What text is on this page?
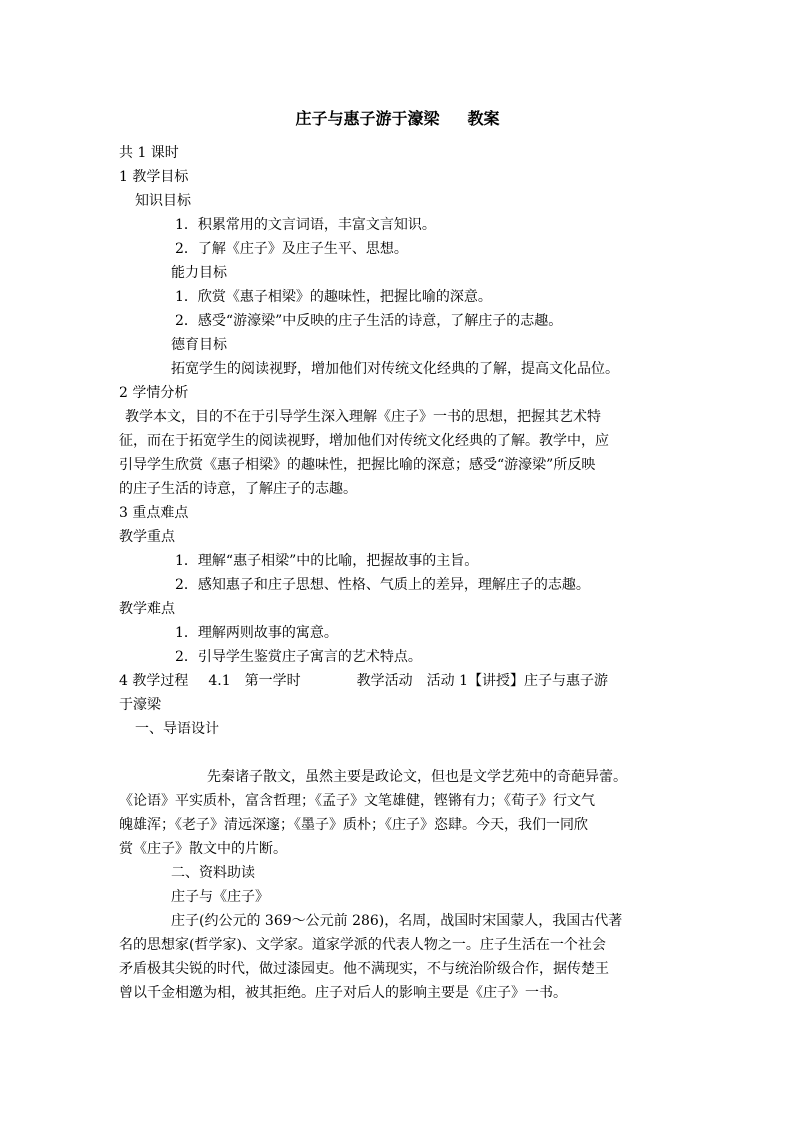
庄子与惠子游于濠梁 教案

共 1 课时

1 教学目标

知识目标

1．积累常用的文言词语，丰富文言知识。

2．了解《庄子》及庄子生平、思想。

能力目标

1．欣赏《惠子相梁》的趣味性，把握比喻的深意。

2．感受“游濠梁”中反映的庄子生活的诗意，了解庄子的志趣。

德育目标

拓宽学生的阅读视野，增加他们对传统文化经典的了解，提高文化品位。

2 学情分析

教学本文，目的不在于引导学生深入理解《庄子》一书的思想，把握其艺术特

征，而在于拓宽学生的阅读视野，增加他们对传统文化经典的了解。教学中，应

引导学生欣赏《惠子相梁》的趣味性，把握比喻的深意；感受“游濠梁”所反映

的庄子生活的诗意，了解庄子的志趣。

3 重点难点

教学重点

1．理解“惠子相梁”中的比喻，把握故事的主旨。

2．感知惠子和庄子思想、性格、气质上的差异，理解庄子的志趣。

教学难点

1．理解两则故事的寓意。

2．引导学生鉴赏庄子寓言的艺术特点。

4 教学过程 4.1 第一学时	教学活动 活动 1【讲授】庄子与惠子游

于濠梁

一、导语设计

先秦诸子散文，虽然主要是政论文，但也是文学艺苑中的奇葩异蕾。

《论语》平实质朴，富含哲理；《孟子》文笔雄健，铿锵有力；《荀子》行文气

魄雄浑；《老子》清远深邃；《墨子》质朴；《庄子》恣肆。今天，我们一同欣

赏《庄子》散文中的片断。

二、资料助读

庄子与《庄子》

庄子(约公元的 369～公元前 286)，名周，战国时宋国蒙人，我国古代著

名的思想家(哲学家)、文学家。道家学派的代表人物之一。庄子生活在一个社会

矛盾极其尖锐的时代，做过漆园吏。他不满现实，不与统治阶级合作，据传楚王

曾以千金相邀为相，被其拒绝。庄子对后人的影响主要是《庄子》一书。
